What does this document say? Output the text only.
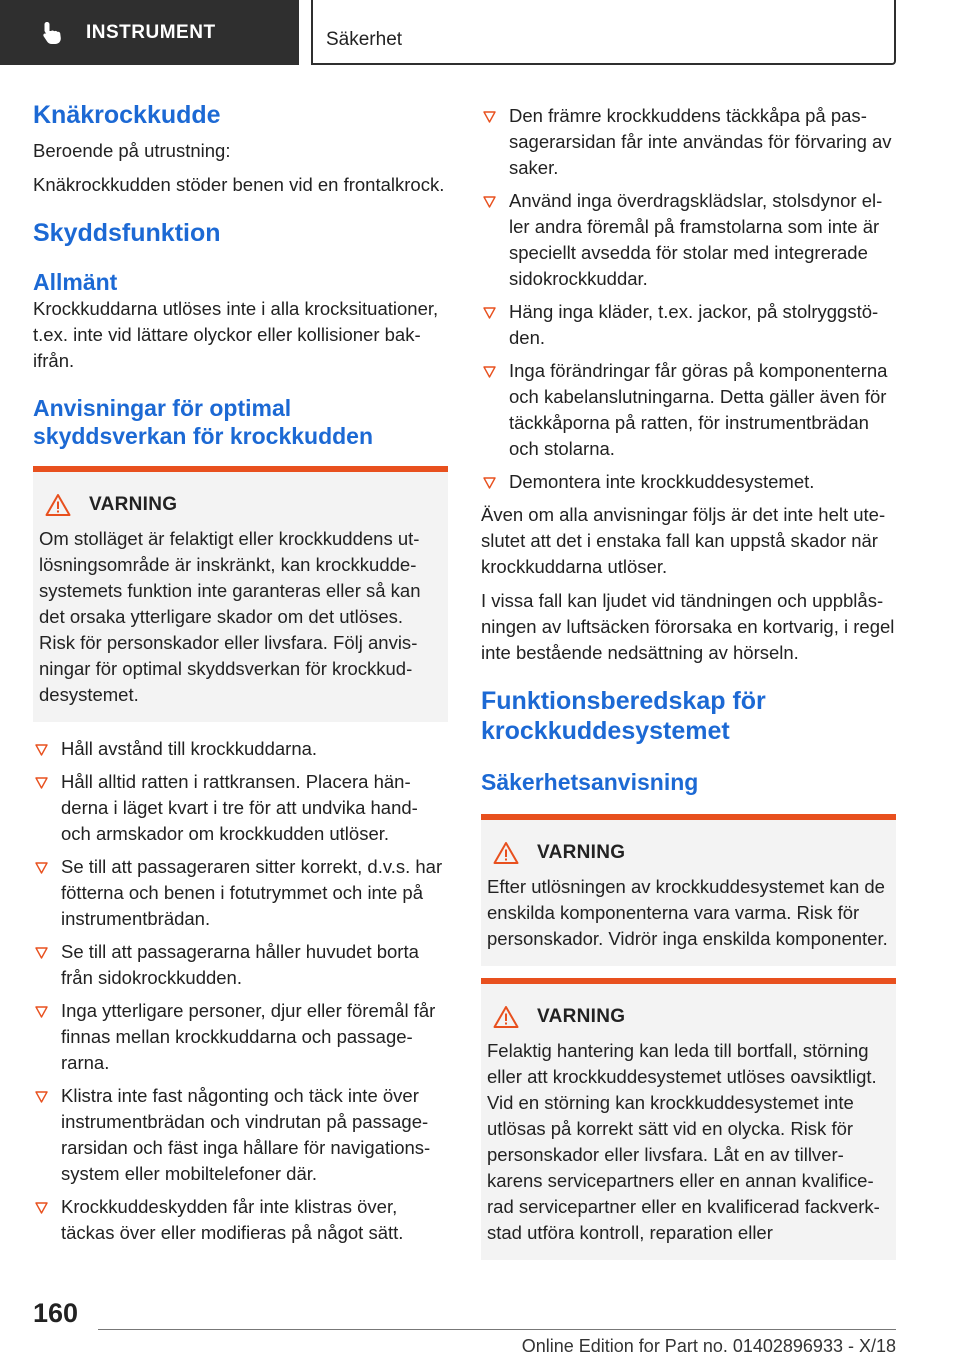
INSTRUMENT	Säkerhet
Knäkrockkudde
Beroende på utrustning:
Knäkrockkudden stöder benen vid en frontalkrock.
Skyddsfunktion
Allmänt
Krockkuddarna utlöses inte i alla krocksituationer, t.ex. inte vid lättare olyckor eller kollisioner bakifrån.
Anvisningar för optimal skyddsverkan för krockkudden
VARNING
Om stolläget är felaktigt eller krockkuddens utlösningsområde är inskränkt, kan krockkuddesystemets funktion inte garanteras eller så kan det orsaka ytterligare skador om det utlöses. Risk för personskador eller livsfara. Följ anvisningar för optimal skyddsverkan för krockkuddesystemet.
Håll avstånd till krockkuddarna.
Håll alltid ratten i rattkransen. Placera händerna i läget kvart i tre för att undvika hand- och armskador om krockkudden utlöser.
Se till att passageraren sitter korrekt, d.v.s. har fötterna och benen i fotutrymmet och inte på instrumentbrädan.
Se till att passagerarna håller huvudet borta från sidokrockkudden.
Inga ytterligare personer, djur eller föremål får finnas mellan krockkuddarna och passagerarna.
Klistra inte fast någonting och täck inte över instrumentbrädan och vindrutan på passagerarsidan och fäst inga hållare för navigationssystem eller mobiltelefoner där.
Krockkuddeskydden får inte klistras över, täckas över eller modifieras på något sätt.
Den främre krockkuddens täckkåpa på passagerarsidan får inte användas för förvaring av saker.
Använd inga överdragsklädslar, stolsdynor eller andra föremål på framstolarna som inte är speciellt avsedda för stolar med integrerade sidokrockkuddar.
Häng inga kläder, t.ex. jackor, på stolryggstöden.
Inga förändringar får göras på komponenterna och kabelanslutningarna. Detta gäller även för täckkåporna på ratten, för instrumentbrädan och stolarna.
Demontera inte krockkuddesystemet.
Även om alla anvisningar följs är det inte helt uteslutet att det i enstaka fall kan uppstå skador när krockkuddarna utlöser.
I vissa fall kan ljudet vid tändningen och uppblåsningen av luftsäcken förorsaka en kortvarig, i regel inte bestående nedsättning av hörseln.
Funktionsberedskap för krockkuddesystemet
Säkerhetsanvisning
VARNING
Efter utlösningen av krockkuddesystemet kan de enskilda komponenterna vara varma. Risk för personskador. Vidrör inga enskilda komponenter.
VARNING
Felaktig hantering kan leda till bortfall, störning eller att krockkuddesystemet utlöses oavsiktligt. Vid en störning kan krockkuddesystemet inte utlösas på korrekt sätt vid en olycka. Risk för personskador eller livsfara. Låt en av tillverkarens servicepartners eller en annan kvalificerad servicepartner eller en kvalificerad fackverkstad utföra kontroll, reparation eller
160
Online Edition for Part no. 01402896933 - X/18
